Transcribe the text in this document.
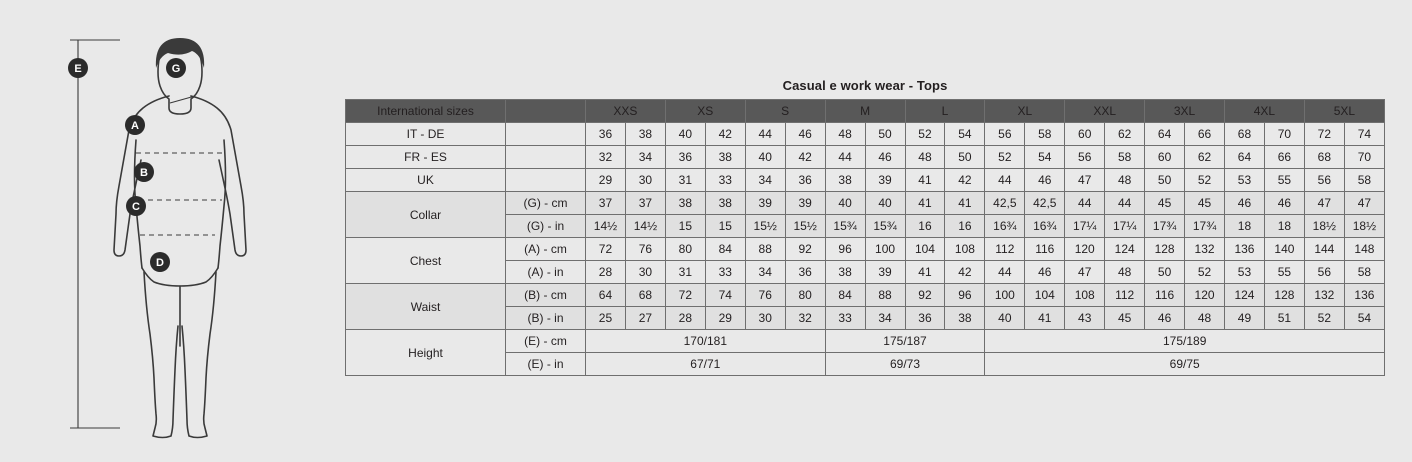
E	G
A
B
C
D
Casual e work wear - Tops
International sizes		XXS		XS		S		M		L		XL		XXL		3XL		4XL		5XL	
IT - DE		36	38	40	42	44	46	48	50	52	54	56	58	60	62	64	66	68	70	72	74
FR - ES		32	34	36	38	40	42	44	46	48	50	52	54	56	58	60	62	64	66	68	70
UK		29	30	31	33	34	36	38	39	41	42	44	46	47	48	50	52	53	55	56	58
Collar	(G) - cm	37	37	38	38	39	39	40	40	41	41	42,5	42,5	44	44	45	45	46	46	47	47
	(G) - in	14½	14½	15	15	15½	15½	15¾	15¾	16	16	16¾	16¾	17¼	17¼	17¾	17¾	18	18	18½	18½
Chest	(A) - cm	72	76	80	84	88	92	96	100	104	108	112	116	120	124	128	132	136	140	144	148
	(A) - in	28	30	31	33	34	36	38	39	41	42	44	46	47	48	50	52	53	55	56	58
Waist	(B) - cm	64	68	72	74	76	80	84	88	92	96	100	104	108	112	116	120	124	128	132	136
	(B) - in	25	27	28	29	30	32	33	34	36	38	40	41	43	45	46	48	49	51	52	54
Height	(E) - cm	170/181						175/187				175/189									
	(E) - in	67/71						69/73				69/75									
